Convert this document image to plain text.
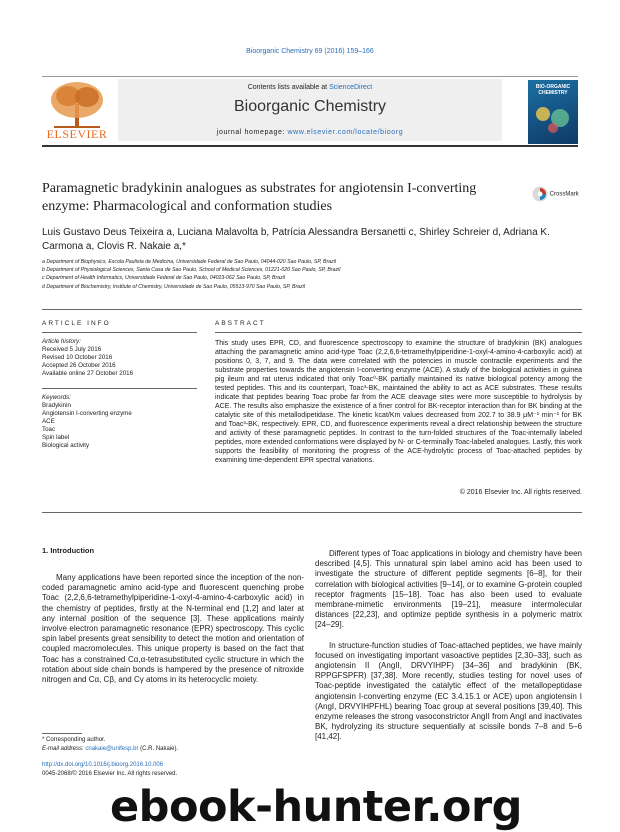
Bioorganic Chemistry 69 (2016) 159–166
ELSEVIER
Contents lists available at ScienceDirect
Bioorganic Chemistry
journal homepage: www.elsevier.com/locate/bioorg
BIO-ORGANIC CHEMISTRY
Paramagnetic bradykinin analogues as substrates for angiotensin I-converting enzyme: Pharmacological and conformation studies
CrossMark
Luis Gustavo Deus Teixeira a, Luciana Malavolta b, Patrícia Alessandra Bersanetti c, Shirley Schreier d, Adriana K. Carmona a, Clovis R. Nakaie a,*
a Department of Biophysics, Escola Paulista de Medicina, Universidade Federal de Sao Paulo, 04044-020 Sao Paulo, SP, Brazil
b Department of Physiological Sciences, Santa Casa de Sao Paulo, School of Medical Sciences, 01221-020 Sao Paulo, SP, Brazil
c Department of Health Informatics, Universidade Federal de Sao Paulo, 04023-062 Sao Paulo, SP, Brazil
d Department of Biochemistry, Institute of Chemistry, Universidade de Sao Paulo, 05513-970 Sao Paulo, SP, Brazil
ARTICLE INFO
Article history:
Received 5 July 2016
Revised 10 October 2016
Accepted 26 October 2016
Available online 27 October 2016
Keywords:
Bradykinin
Angiotensin I-converting enzyme
ACE
Toac
Spin label
Biological activity
ABSTRACT
This study uses EPR, CD, and fluorescence spectroscopy to examine the structure of bradykinin (BK) analogues attaching the paramagnetic amino acid-type Toac (2,2,6,6-tetramethylpiperidine-1-oxyl-4-amino-4-carboxylic acid) at positions 0, 3, 7, and 9. The data were correlated with the potencies in muscle contractile experiments and the substrate properties towards the angiotensin I-converting enzyme (ACE). A study of the biological activities in guinea pig ileum and rat uterus indicated that only Toac⁰-BK partially maintained its native biological potency among the tested peptides. This and its counterpart, Toac³-BK, maintained the ability to act as ACE substrates. These results indicate that peptides bearing Toac probe far from the ACE cleavage sites were more susceptible to hydrolysis by ACE. The results also emphasize the existence of a finer control for BK-receptor interaction than for BK binding at the catalytic site of this metallodipetidase. The kinetic kcat/Km values decreased from 202.7 to 38.9 μM⁻¹ min⁻¹ for BK and Toac³-BK, respectively. EPR, CD, and fluorescence experiments reveal a direct relationship between the structure and activity of these paramagnetic peptides. In contrast to the turn-folded structures of the Toac-internally labeled peptides, more extended conformations were displayed by N- or C-terminally Toac-labeled analogues. Lastly, this work supports the feasibility of monitoring the progress of the ACE-hydrolytic process of Toac-attached peptides by examining time-dependent EPR spectral variations.
© 2016 Elsevier Inc. All rights reserved.
1. Introduction
Many applications have been reported since the inception of the non-coded paramagnetic amino acid-type and fluorescent quenching probe Toac (2,2,6,6-tetramethylpiperidine-1-oxyl-4-amino-4-carboxylic acid) in the chemistry of peptides, firstly at the N-terminal end [1,2] and later at any internal position of the sequence [3]. These applications mainly involve electron paramagnetic resonance (EPR) spectroscopy. This cyclic spin label presents great sensibility to detect the motion and orientation of coupled macromolecules. This unique property is based on the fact that Toac has a constrained Cα,α-tetrasubstituted cyclic structure in which the rotation about side chain bonds is hampered by the presence of nitroxide nitrogen and Cα, Cβ, and Cγ atoms in its heterocyclic moiety.

Different types of Toac applications in biology and chemistry have been described [4,5]. This unnatural spin label amino acid has been used to investigate the structure of different peptide segments [6–8], for their correlation with biological activities [9–14], or to examine G-protein coupled receptor fragments [15–18]. Toac has also been used to evaluate membrane-mimetic environments [19–21], measure intermolecular distances [22,23], and optimize peptide synthesis in a polymeric matrix [24–29].

In structure-function studies of Toac-attached peptides, we have mainly focused on investigating important vasoactive peptides [2,30–33], such as angiotensin II (AngII, DRVYIHPF) [34–36] and bradykinin (BK, RPPGFSPFR) [37,38]. More recently, studies testing for novel uses of Toac-peptide investigated the catalytic effect of the metallopeptidase angiotensin I-converting enzyme (EC 3.4.15.1 or ACE) upon angiotensin I (AngI, DRVYIHPFHL) bearing Toac group at several positions [39,40]. This enzyme releases the strong vasoconstrictor AngII from AngI and inactivates BK, hydrolyzing its structure sequentially at scissile bonds 7–8 and 5–6 [41,42].

* Corresponding author.
E-mail address: cnakaie@unifesp.br (C.R. Nakaie).
http://dx.doi.org/10.1016/j.bioorg.2016.10.006
0045-2068/© 2016 Elsevier Inc. All rights reserved.
ebook-hunter.org
